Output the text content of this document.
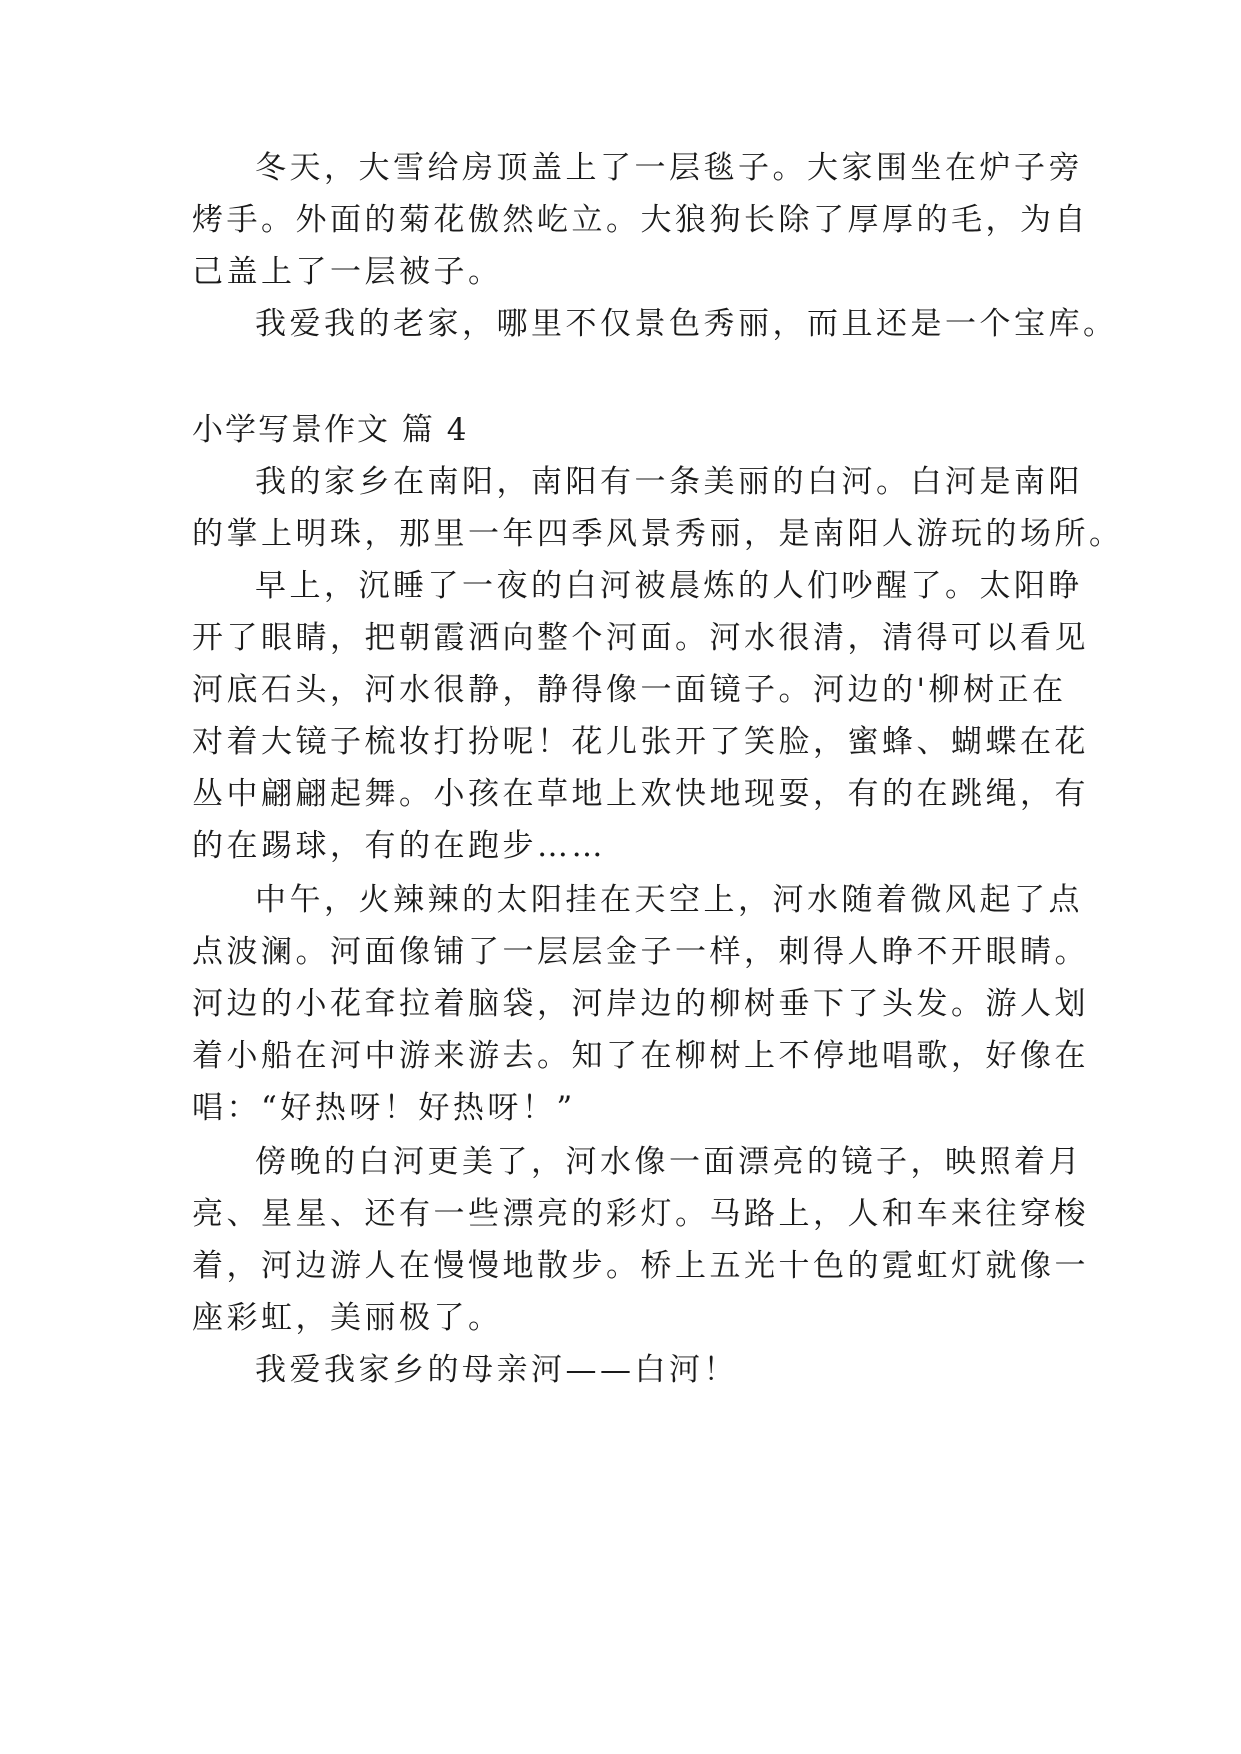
冬天，大雪给房顶盖上了一层毯子。大家围坐在炉子旁
烤手。外面的菊花傲然屹立。大狼狗长除了厚厚的毛，为自
己盖上了一层被子。
我爱我的老家，哪里不仅景色秀丽，而且还是一个宝库。
小学写景作文 篇 4
我的家乡在南阳，南阳有一条美丽的白河。白河是南阳
的掌上明珠，那里一年四季风景秀丽，是南阳人游玩的场所。
早上，沉睡了一夜的白河被晨炼的人们吵醒了。太阳睁
开了眼睛，把朝霞洒向整个河面。河水很清，清得可以看见
河底石头，河水很静，静得像一面镜子。河边的'柳树正在
对着大镜子梳妆打扮呢！花儿张开了笑脸，蜜蜂、蝴蝶在花
丛中翩翩起舞。小孩在草地上欢快地现耍，有的在跳绳，有
的在踢球，有的在跑步……
中午，火辣辣的太阳挂在天空上，河水随着微风起了点
点波澜。河面像铺了一层层金子一样，刺得人睁不开眼睛。
河边的小花耷拉着脑袋，河岸边的柳树垂下了头发。游人划
着小船在河中游来游去。知了在柳树上不停地唱歌，好像在
唱：“好热呀！好热呀！”
傍晚的白河更美了，河水像一面漂亮的镜子，映照着月
亮、星星、还有一些漂亮的彩灯。马路上，人和车来往穿梭
着，河边游人在慢慢地散步。桥上五光十色的霓虹灯就像一
座彩虹，美丽极了。
我爱我家乡的母亲河——白河！
